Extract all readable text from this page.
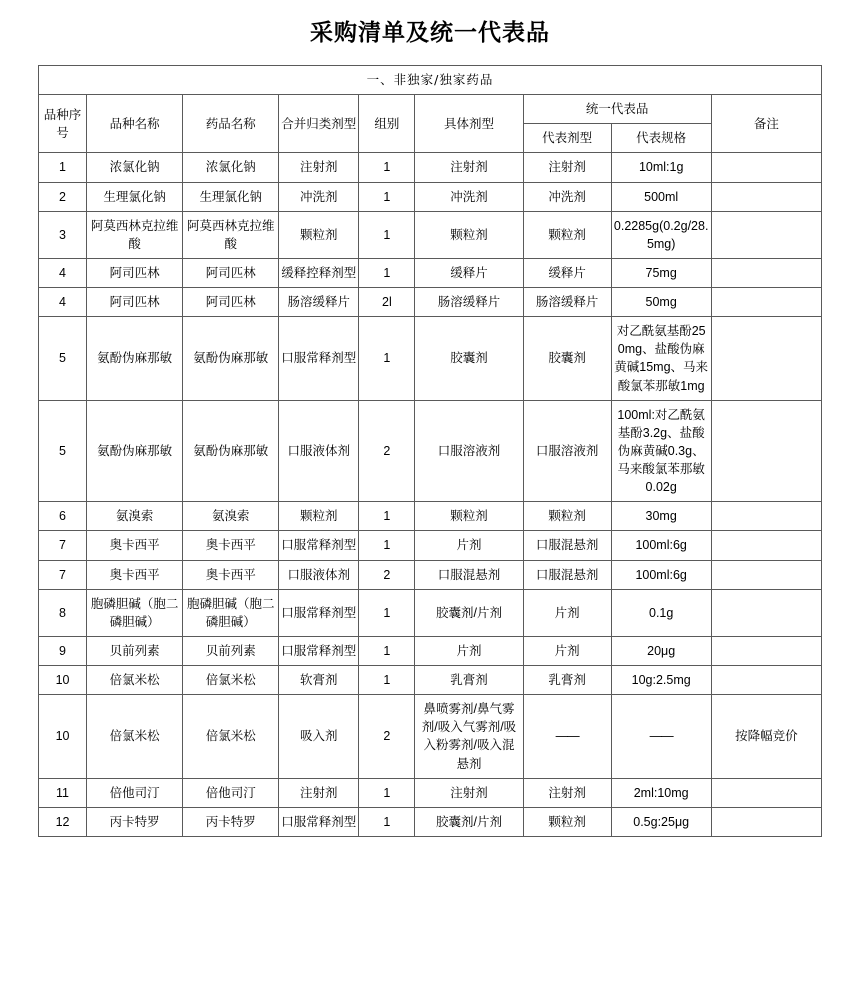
采购清单及统一代表品
一、非独家/独家药品								
品种序号	品种名称	药品名称	合并归类剂型	组别	具体剂型	统一代表品		备注
						代表剂型	代表规格	
1	浓氯化钠	浓氯化钠	注射剂	1	注射剂	注射剂	10ml:1g	
2	生理氯化钠	生理氯化钠	冲洗剂	1	冲洗剂	冲洗剂	500ml	
3	阿莫西林克拉维酸	阿莫西林克拉维酸	颗粒剂	1	颗粒剂	颗粒剂	0.2285g(0.2g/28.5mg)	
4	阿司匹林	阿司匹林	缓释控释剂型	1	缓释片	缓释片	75mg	
4	阿司匹林	阿司匹林	肠溶缓释片	2l	肠溶缓释片	肠溶缓释片	50mg	
5	氨酚伪麻那敏	氨酚伪麻那敏	口服常释剂型	1	胶囊剂	胶囊剂	对乙酰氨基酚250mg、盐酸伪麻黄碱15mg、马来酸氯苯那敏1mg	
5	氨酚伪麻那敏	氨酚伪麻那敏	口服液体剂	2	口服溶液剂	口服溶液剂	100ml:对乙酰氨基酚3.2g、盐酸伪麻黄碱0.3g、马来酸氯苯那敏0.02g	
6	氨溴索	氨溴索	颗粒剂	1	颗粒剂	颗粒剂	30mg	
7	奥卡西平	奥卡西平	口服常释剂型	1	片剂	口服混悬剂	100ml:6g	
7	奥卡西平	奥卡西平	口服液体剂	2	口服混悬剂	口服混悬剂	100ml:6g	
8	胞磷胆碱（胞二磷胆碱）	胞磷胆碱（胞二磷胆碱）	口服常释剂型	1	胶囊剂/片剂	片剂	0.1g	
9	贝前列素	贝前列素	口服常释剂型	1	片剂	片剂	20μg	
10	倍氯米松	倍氯米松	软膏剂	1	乳膏剂	乳膏剂	10g:2.5mg	
10	倍氯米松	倍氯米松	吸入剂	2	鼻喷雾剂/鼻气雾剂/吸入气雾剂/吸入粉雾剂/吸入混悬剂	——	——	按降幅竞价
11	倍他司汀	倍他司汀	注射剂	1	注射剂	注射剂	2ml:10mg	
12	丙卡特罗	丙卡特罗	口服常释剂型	1	胶囊剂/片剂	颗粒剂	0.5g:25μg	
